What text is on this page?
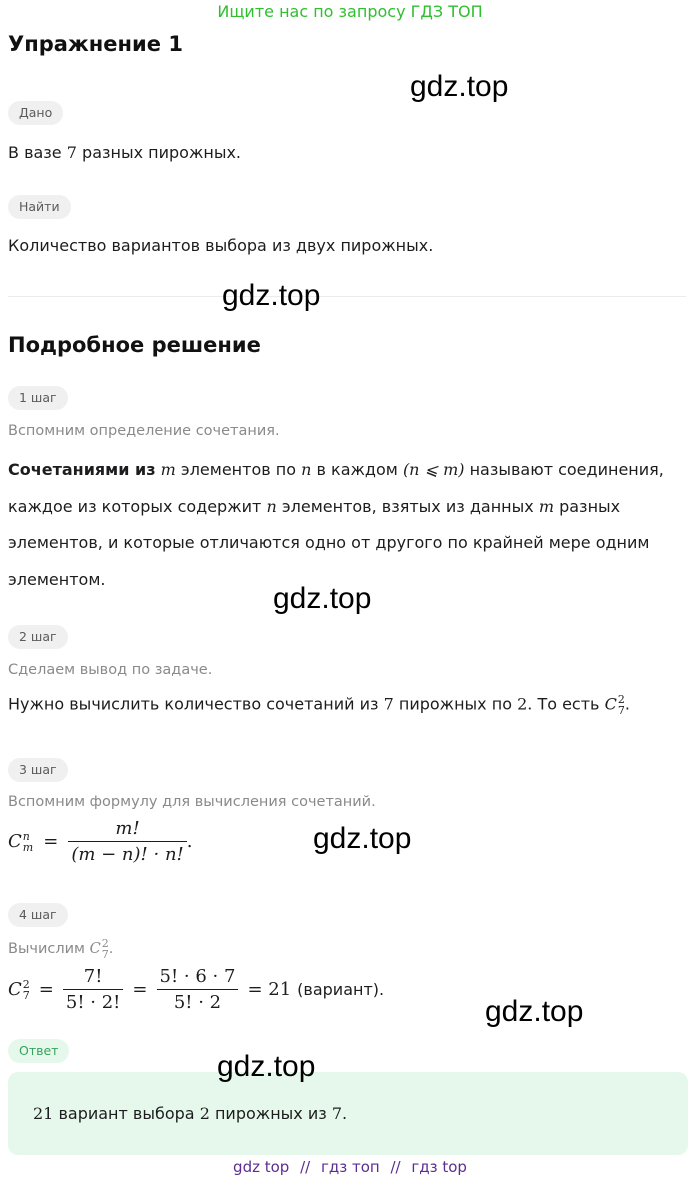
Ищите нас по запросу ГДЗ ТОП
Упражнение 1
gdz.top
Дано
В вазе 7 разных пирожных.
Найти
Количество вариантов выбора из двух пирожных.
gdz.top
Подробное решение
1 шаг
Вспомним определение сочетания.
Сочетаниями из m элементов по n в каждом (n ⩽ m) называют соединения, каждое из которых содержит n элементов, взятых из данных m разных элементов, и которые отличаются одно от другого по крайней мере одним элементом.
gdz.top
2 шаг
Сделаем вывод по задаче.
Нужно вычислить количество сочетаний из 7 пирожных по 2. То есть C 2
7 .
3 шаг
Вспомним формулу для вычисления сочетаний.
C n
$m = \frac{m!}{(m - n)! \cdot n!}$ .	gdz.top
4 шаг
Вычислим C 2
7 .
C 2
$7 = \frac{7!}{5! \cdot 2!} = \frac{5! \cdot 6 \cdot 7}{5! \cdot 2} = 21$ (вариант).
gdz.top
Ответ
21 вариант выбора 2 пирожных из 7.
gdz.top
gdz top // гдз топ // гдз top
